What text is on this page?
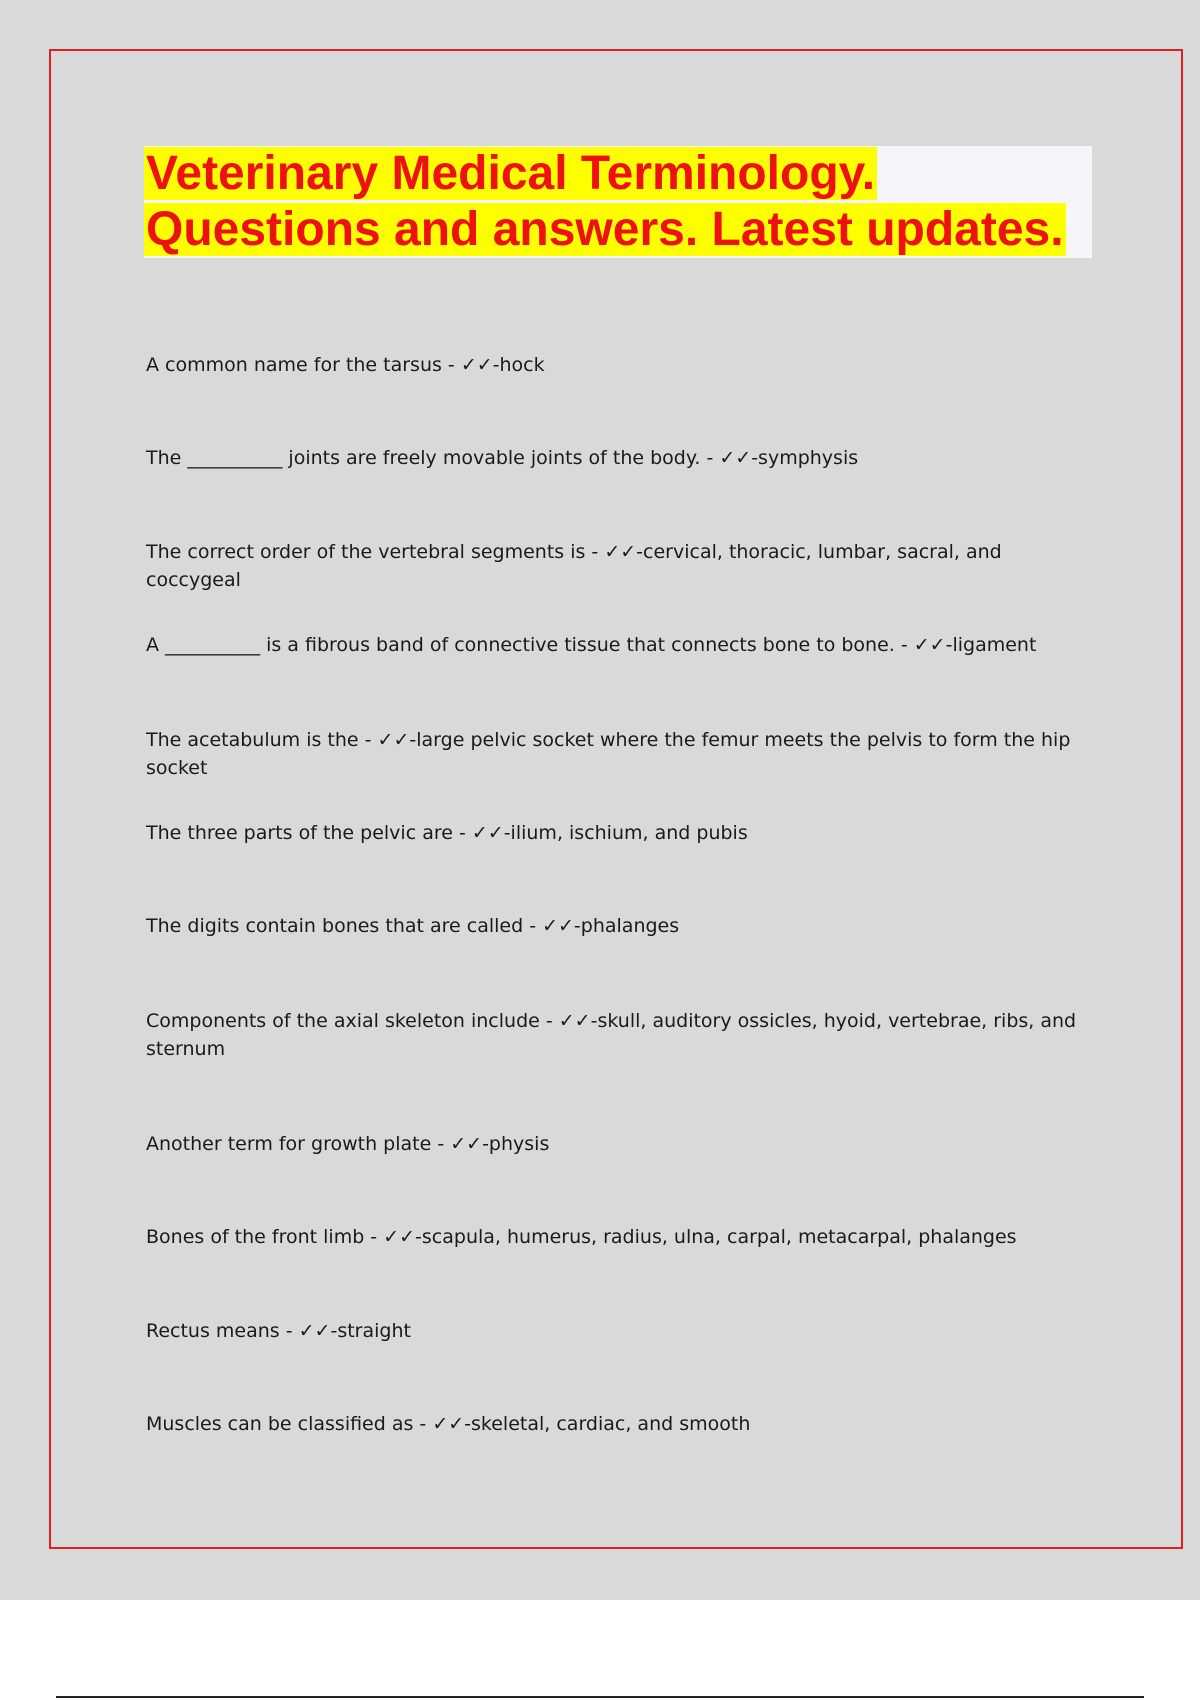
Veterinary Medical Terminology.
Questions and answers. Latest updates.
A common name for the tarsus - ✓✓-hock
The __________ joints are freely movable joints of the body. - ✓✓-symphysis
The correct order of the vertebral segments is - ✓✓-cervical, thoracic, lumbar, sacral, and coccygeal
A __________ is a fibrous band of connective tissue that connects bone to bone. - ✓✓-ligament
The acetabulum is the - ✓✓-large pelvic socket where the femur meets the pelvis to form the hip socket
The three parts of the pelvic are - ✓✓-ilium, ischium, and pubis
The digits contain bones that are called - ✓✓-phalanges
Components of the axial skeleton include - ✓✓-skull, auditory ossicles, hyoid, vertebrae, ribs, and sternum
Another term for growth plate - ✓✓-physis
Bones of the front limb - ✓✓-scapula, humerus, radius, ulna, carpal, metacarpal, phalanges
Rectus means - ✓✓-straight
Muscles can be classified as - ✓✓-skeletal, cardiac, and smooth
